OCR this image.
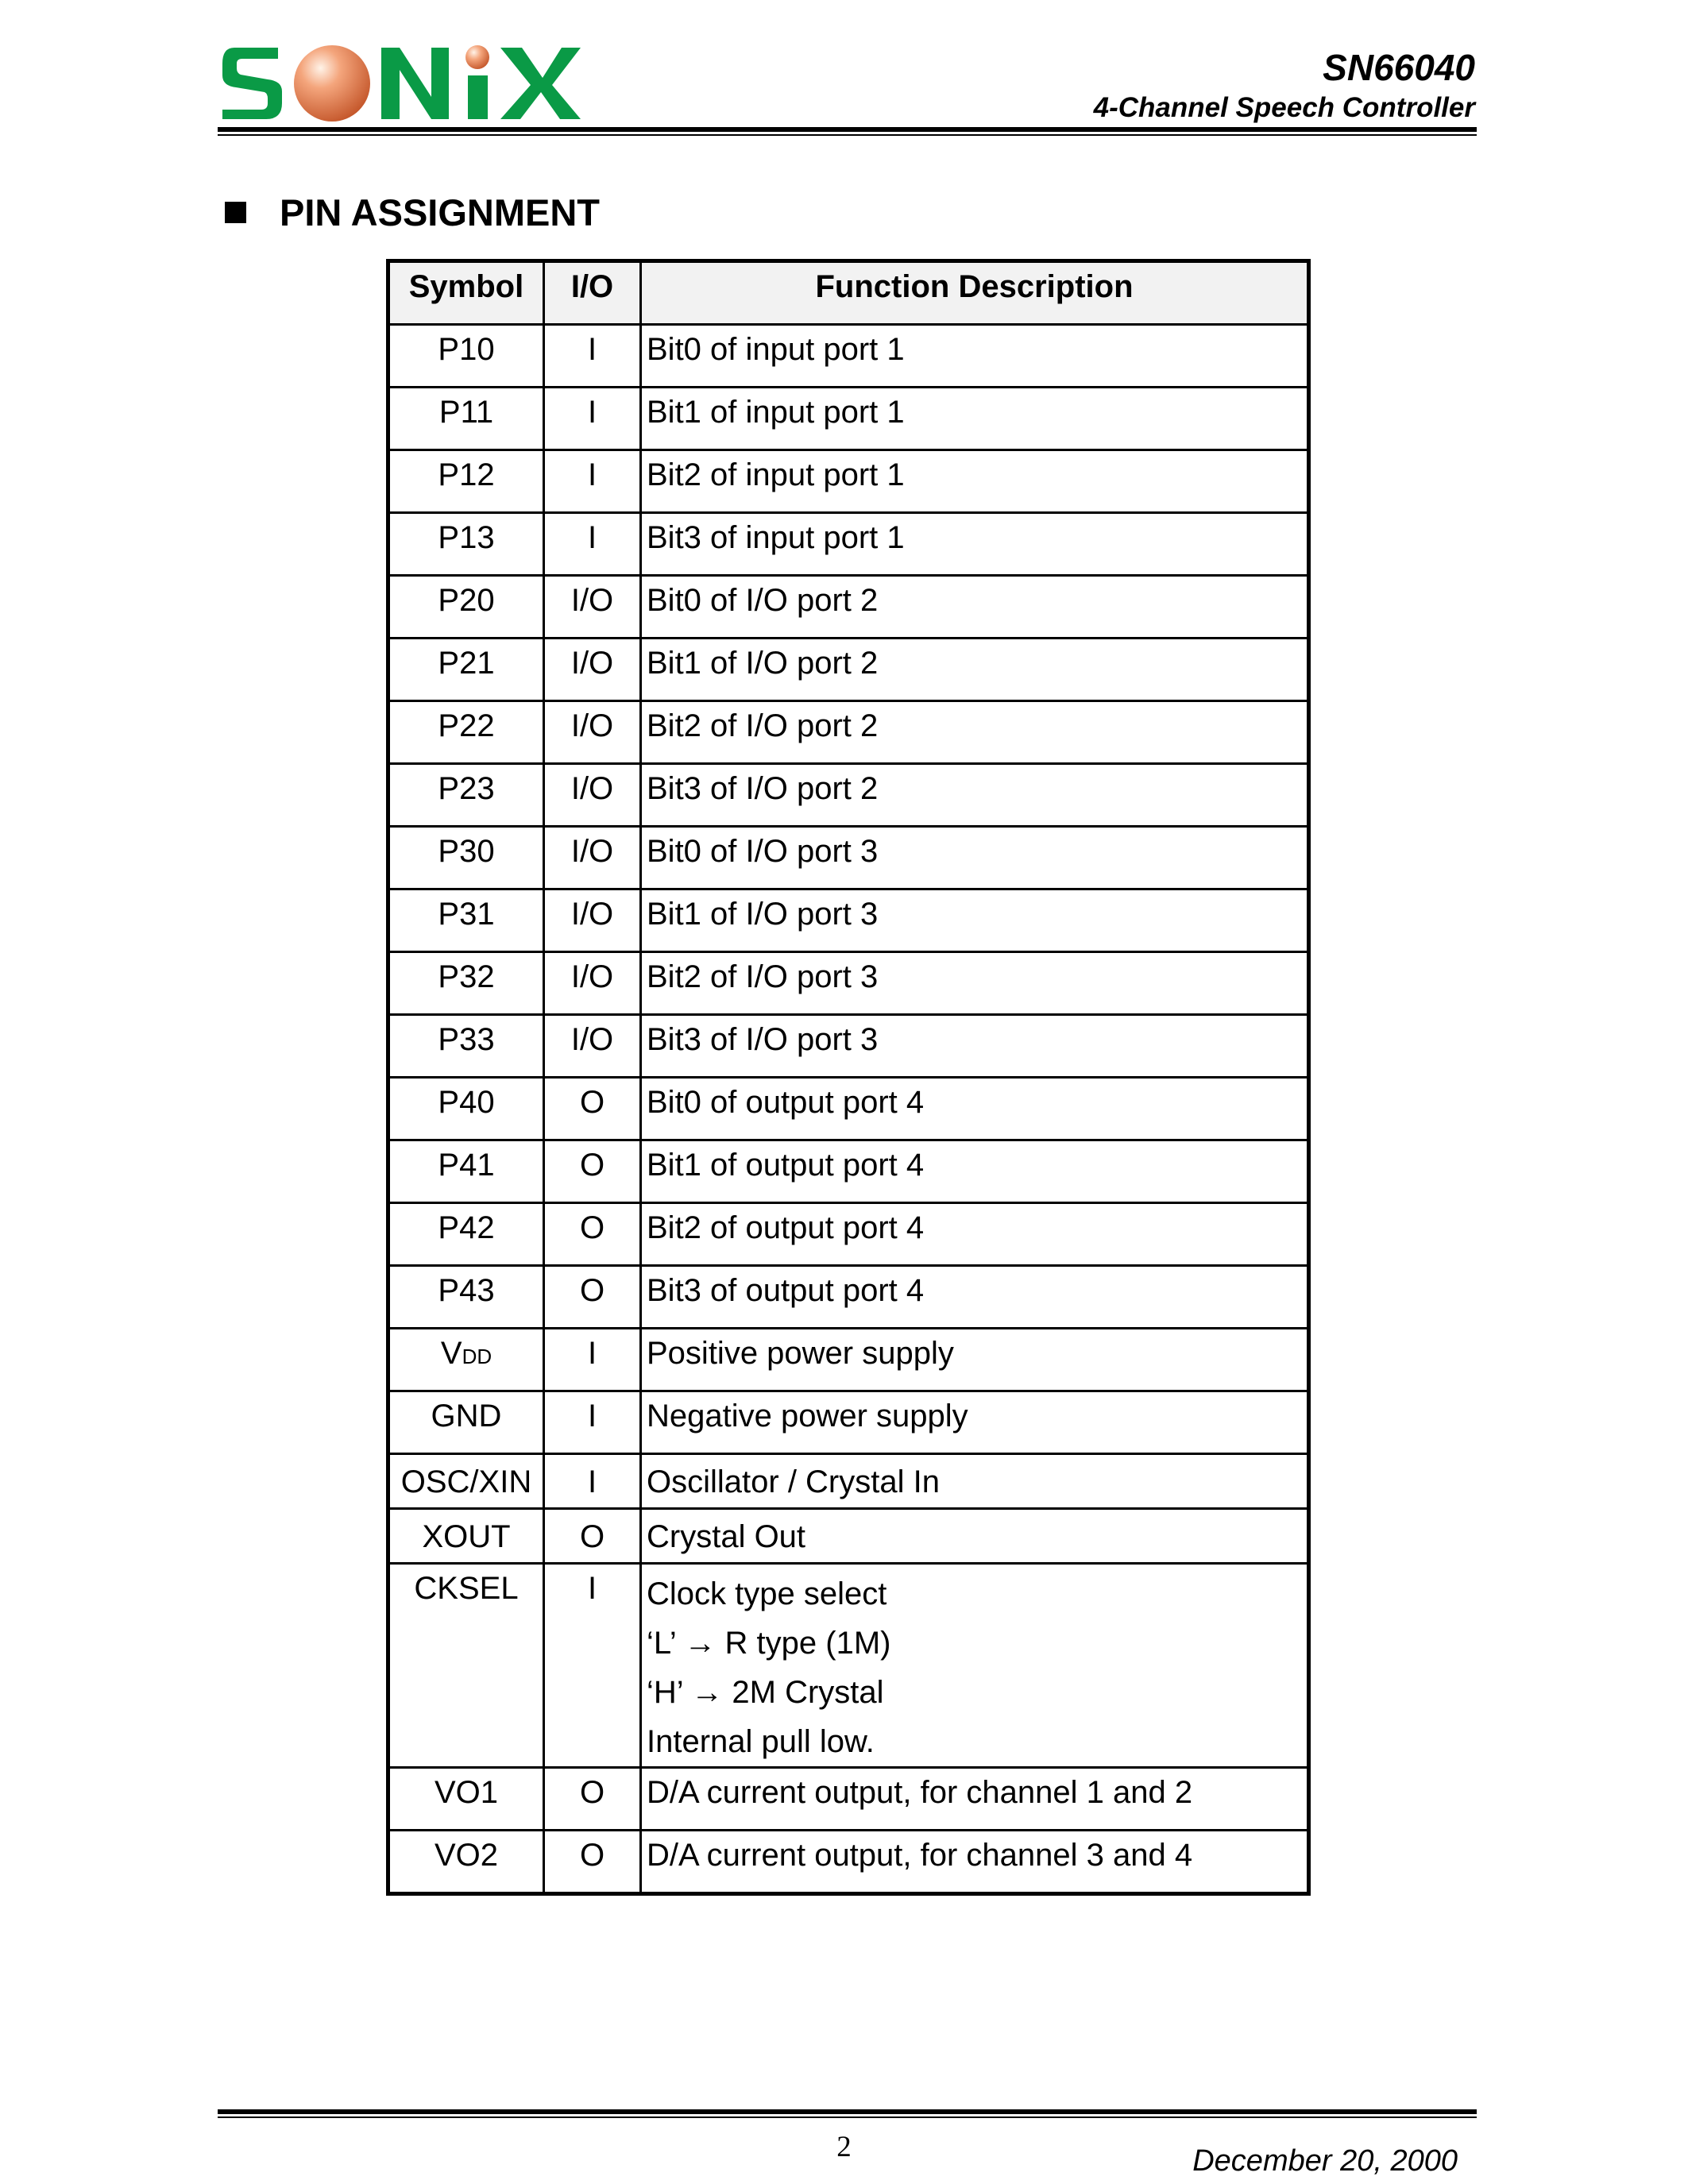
SN66040
4-Channel Speech Controller
PIN ASSIGNMENT
Symbol	I/O	Function Description
P10	I	Bit0 of input port 1
P11	I	Bit1 of input port 1
P12	I	Bit2 of input port 1
P13	I	Bit3 of input port 1
P20	I/O	Bit0 of I/O port 2
P21	I/O	Bit1 of I/O port 2
P22	I/O	Bit2 of I/O port 2
P23	I/O	Bit3 of I/O port 2
P30	I/O	Bit0 of I/O port 3
P31	I/O	Bit1 of I/O port 3
P32	I/O	Bit2 of I/O port 3
P33	I/O	Bit3 of I/O port 3
P40	O	Bit0 of output port 4
P41	O	Bit1 of output port 4
P42	O	Bit2 of output port 4
P43	O	Bit3 of output port 4
VDD	I	Positive power supply
GND	I	Negative power supply
OSC/XIN	I	Oscillator / Crystal In
XOUT	O	Crystal Out
CKSEL	I	Clock type select
‘L’ → R type (1M)
‘H’ → 2M Crystal
Internal pull low.

VO1	O	D/A current output, for channel 1 and 2
VO2	O	D/A current output, for channel 3 and 4
2	December 20, 2000
